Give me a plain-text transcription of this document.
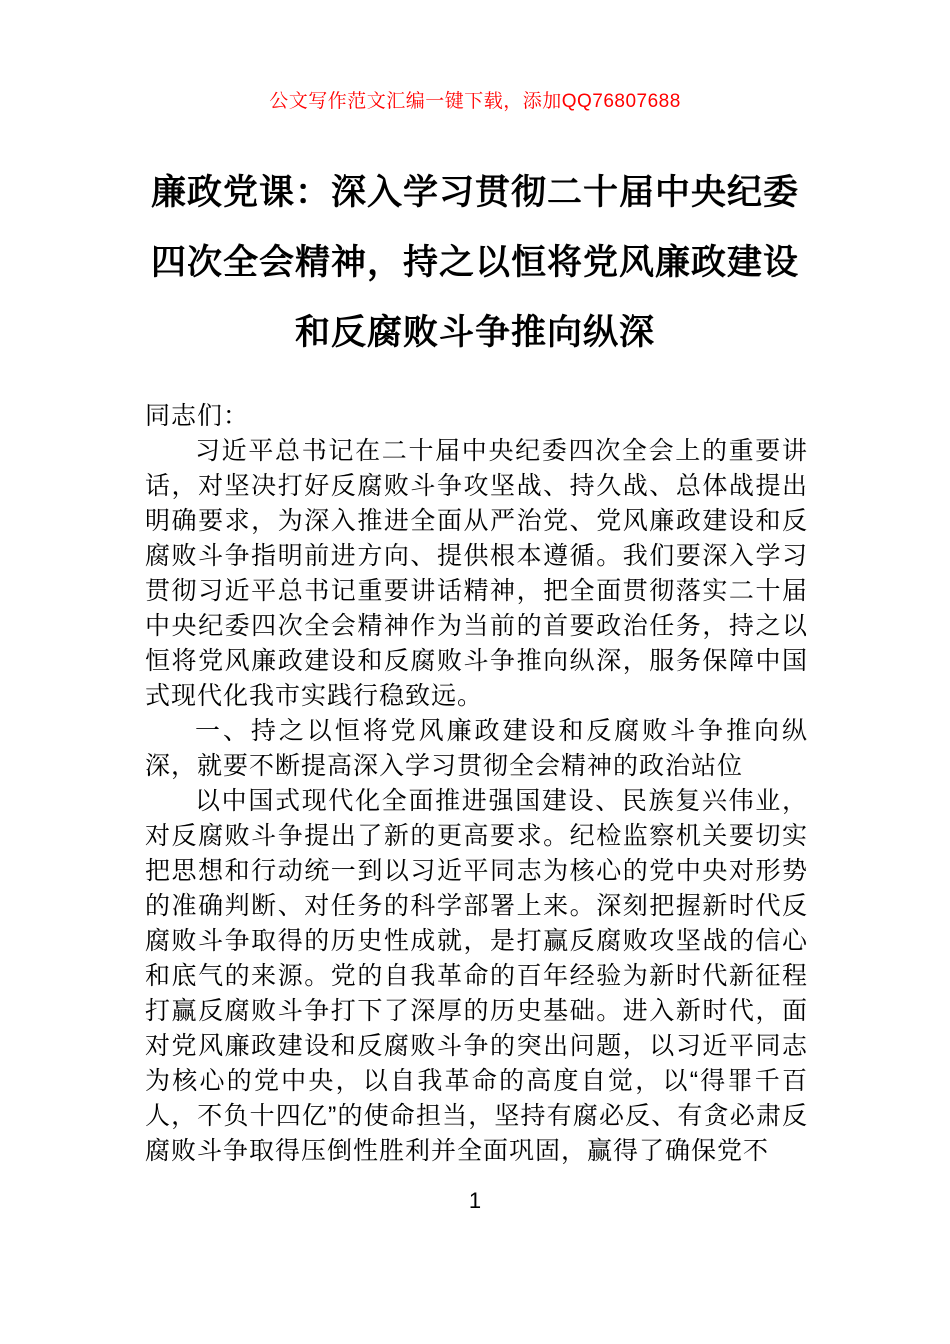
公文写作范文汇编一键下载，添加QQ76807688
廉政党课：深入学习贯彻二十届中央纪委
四次全会精神，持之以恒将党风廉政建设
和反腐败斗争推向纵深

同志们：

习近平总书记在二十届中央纪委四次全会上的重要讲话，对坚决打好反腐败斗争攻坚战、持久战、总体战提出明确要求，为深入推进全面从严治党、党风廉政建设和反腐败斗争指明前进方向、提供根本遵循。我们要深入学习贯彻习近平总书记重要讲话精神，把全面贯彻落实二十届中央纪委四次全会精神作为当前的首要政治任务，持之以恒将党风廉政建设和反腐败斗争推向纵深，服务保障中国式现代化我市实践行稳致远。

一、持之以恒将党风廉政建设和反腐败斗争推向纵深，就要不断提高深入学习贯彻全会精神的政治站位

以中国式现代化全面推进强国建设、民族复兴伟业，对反腐败斗争提出了新的更高要求。纪检监察机关要切实把思想和行动统一到以习近平同志为核心的党中央对形势的准确判断、对任务的科学部署上来。深刻把握新时代反腐败斗争取得的历史性成就，是打赢反腐败攻坚战的信心和底气的来源。党的自我革命的百年经验为新时代新征程打赢反腐败斗争打下了深厚的历史基础。进入新时代，面对党风廉政建设和反腐败斗争的突出问题，以习近平同志为核心的党中央，以自我革命的高度自觉，以“得罪千百人，不负十四亿”的使命担当，坚持有腐必反、有贪必肃反腐败斗争取得压倒性胜利并全面巩固，赢得了确保党不

1
